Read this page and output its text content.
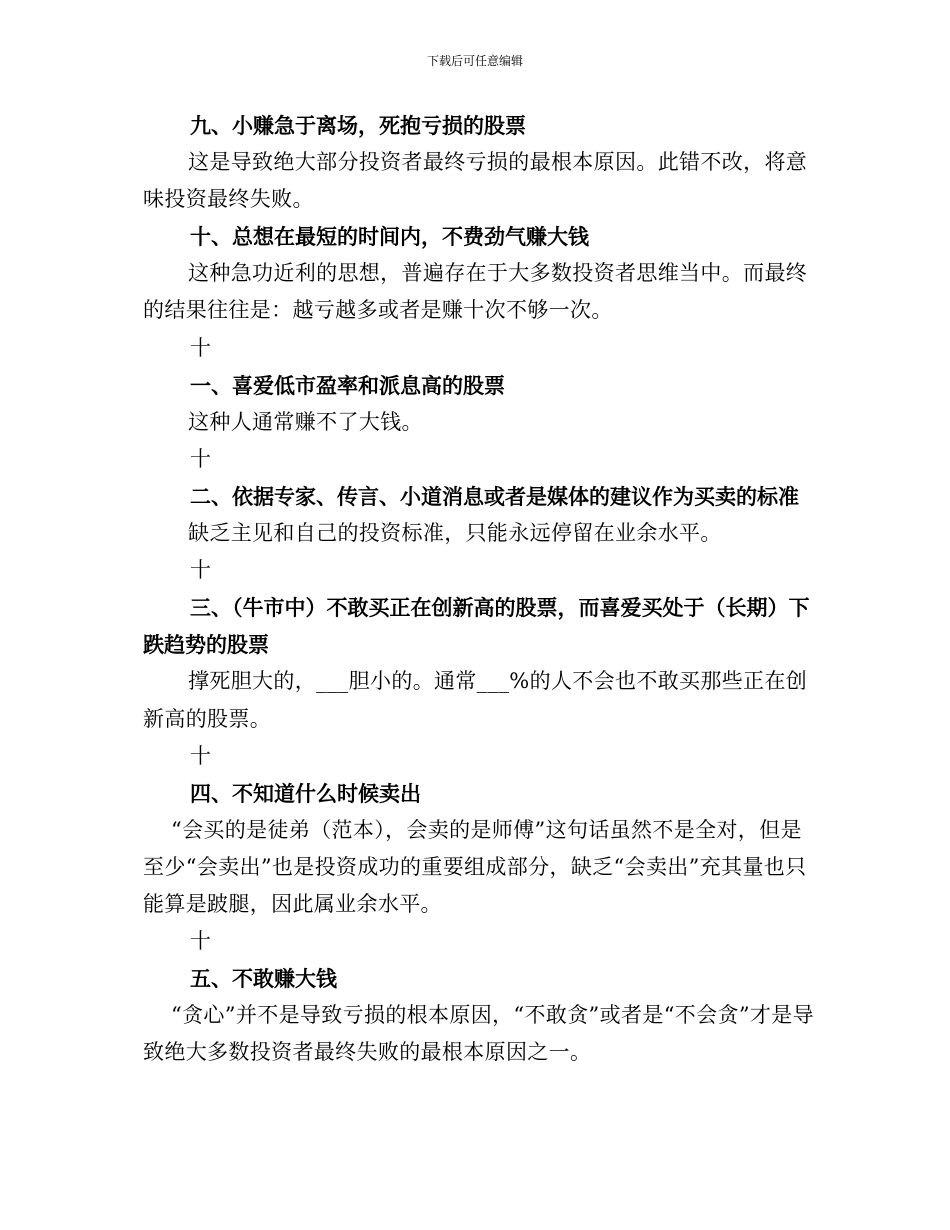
下载后可任意编辑

九、小赚急于离场，死抱亏损的股票

这是导致绝大部分投资者最终亏损的最根本原因。此错不改，将意味投资最终失败。

十、总想在最短的时间内，不费劲气赚大钱

这种急功近利的思想，普遍存在于大多数投资者思维当中。而最终的结果往往是：越亏越多或者是赚十次不够一次。

十

一、喜爱低市盈率和派息高的股票

这种人通常赚不了大钱。

十

二、依据专家、传言、小道消息或者是媒体的建议作为买卖的标准

缺乏主见和自己的投资标准，只能永远停留在业余水平。

十

三、（牛市中）不敢买正在创新高的股票，而喜爱买处于（长期）下跌趋势的股票

撑死胆大的，___胆小的。通常___%的人不会也不敢买那些正在创新高的股票。

十

四、不知道什么时候卖出

“会买的是徒弟（范本），会卖的是师傅”这句话虽然不是全对，但是至少“会卖出”也是投资成功的重要组成部分，缺乏“会卖出”充其量也只能算是跛腿，因此属业余水平。

十

五、不敢赚大钱

“贪心”并不是导致亏损的根本原因，“不敢贪”或者是“不会贪”才是导致绝大多数投资者最终失败的最根本原因之一。
